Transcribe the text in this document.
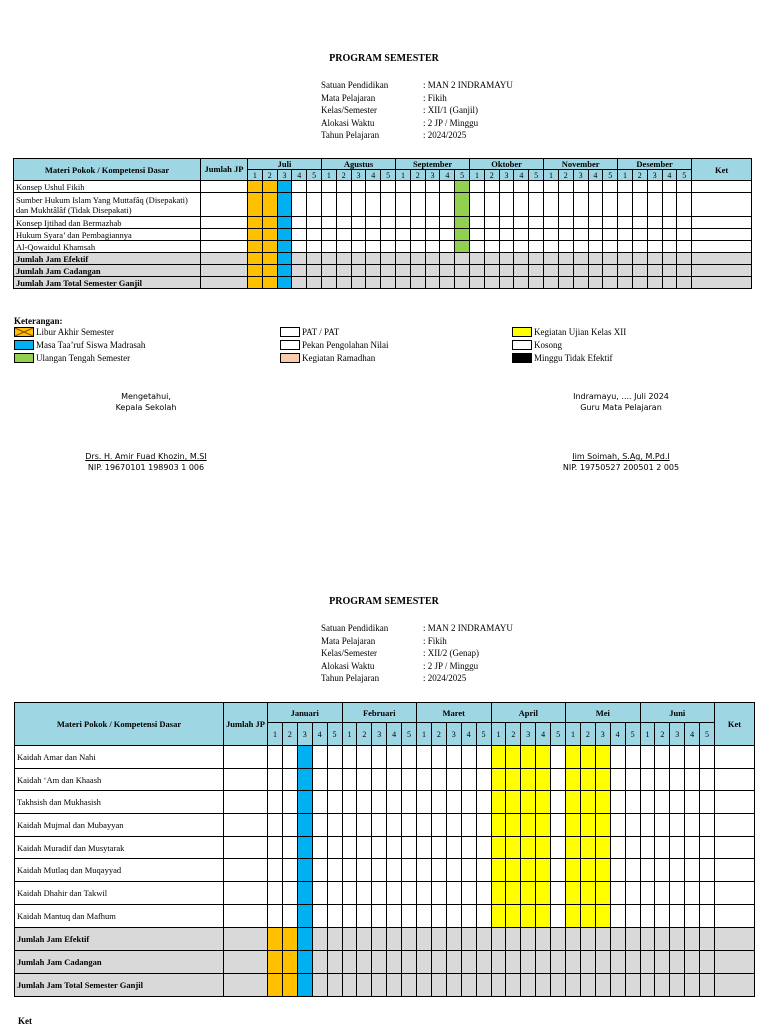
PROGRAM SEMESTER
Satuan Pendidikan	: MAN 2 INDRAMAYU
Mata Pelajaran	: Fikih
Kelas/Semester	: XII/1 (Ganjil)
Alokasi Waktu	: 2 JP / Minggu
Tahun Pelajaran	: 2024/2025
Materi Pokok / Kompetensi Dasar	Jumlah JP	Juli					Agustus					September					Oktober					November					Desember					Ket
		1	2	3	4	5	1	2	3	4	5	1	2	3	4	5	1	2	3	4	5	1	2	3	4	5	1	2	3	4	5	
Konsep Ushul Fikih																																
Sumber Hukum Islam Yang Muttafâq (Disepakati) dan Mukhtâlâf (Tidak Disepakati)																																
Konsep Ijtihad dan Bermazhab																																
Hukum Syara’ dan Pembagiannya																																
Al-Qowaidul Khamsah																																
Jumlah Jam Efektif																																
Jumlah Jam Cadangan																																
Jumlah Jam Total Semester Ganjil																																
Keterangan:
Libur Akhir Semester
Masa Taa’ruf Siswa Madrasah
Ulangan Tengah Semester
PAT / PAT
Pekan Pengolahan Nilai
Kegiatan Ramadhan
Kegiatan Ujian Kelas XII
Kosong
Minggu Tidak Efektif
Mengetahui,
Kepala Sekolah
Drs. H. Amir Fuad Khozin, M.SI
NIP. 19670101 198903 1 006
Indramayu, .... Juli 2024
Guru Mata Pelajaran
Iim Soimah, S.Ag, M.Pd.I
NIP. 19750527 200501 2 005
PROGRAM SEMESTER
Satuan Pendidikan	: MAN 2 INDRAMAYU
Mata Pelajaran	: Fikih
Kelas/Semester	: XII/2 (Genap)
Alokasi Waktu	: 2 JP / Minggu
Tahun Pelajaran	: 2024/2025
Materi Pokok / Kompetensi Dasar	Jumlah JP	Januari					Februari					Maret					April					Mei					Juni					Ket
		1	2	3	4	5	1	2	3	4	5	1	2	3	4	5	1	2	3	4	5	1	2	3	4	5	1	2	3	4	5	
Kaidah Amar dan Nahi																																
Kaidah ‘Am dan Khaash																																
Takhsish dan Mukhasish																																
Kaidah Mujmal dan Mubayyan																																
Kaidah Muradif dan Musytarak																																
Kaidah Mutlaq dan Muqayyad																																
Kaidah Dhahir dan Takwil																																
Kaidah Mantuq dan Mafhum																																
Jumlah Jam Efektif																																
Jumlah Jam Cadangan																																
Jumlah Jam Total Semester Ganjil																																
Ket
